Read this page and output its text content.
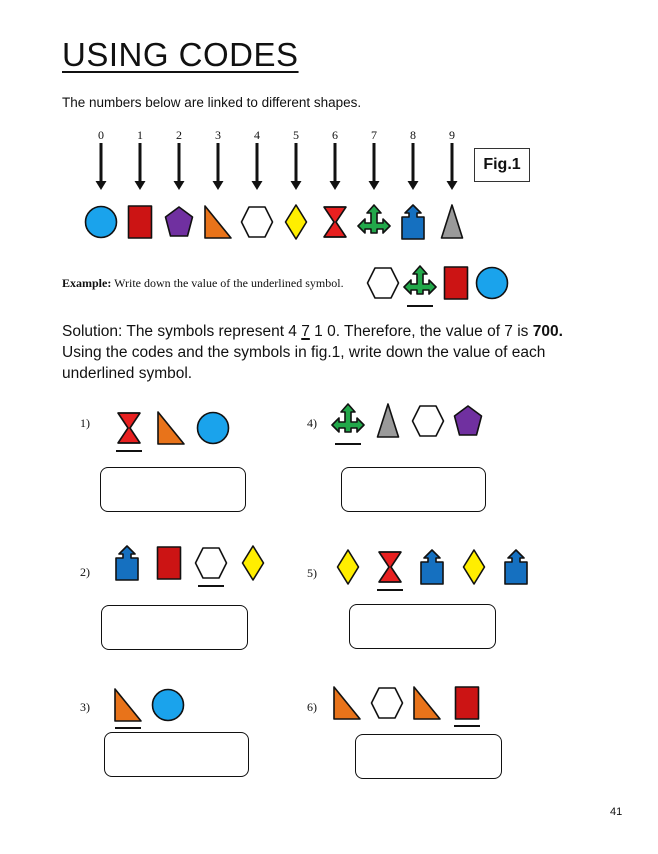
USING CODES
The numbers below are linked to different shapes.
0	1	2	3	4	5	6	7	8	9
Fig.1
Example: Write down the value of the underlined symbol.
Solution: The symbols represent 4 7 1 0. Therefore, the value of 7 is 700.
Using the codes and the symbols in fig.1, write down the value of each underlined symbol.
1)
2)
3)
4)
5)
6)
41
